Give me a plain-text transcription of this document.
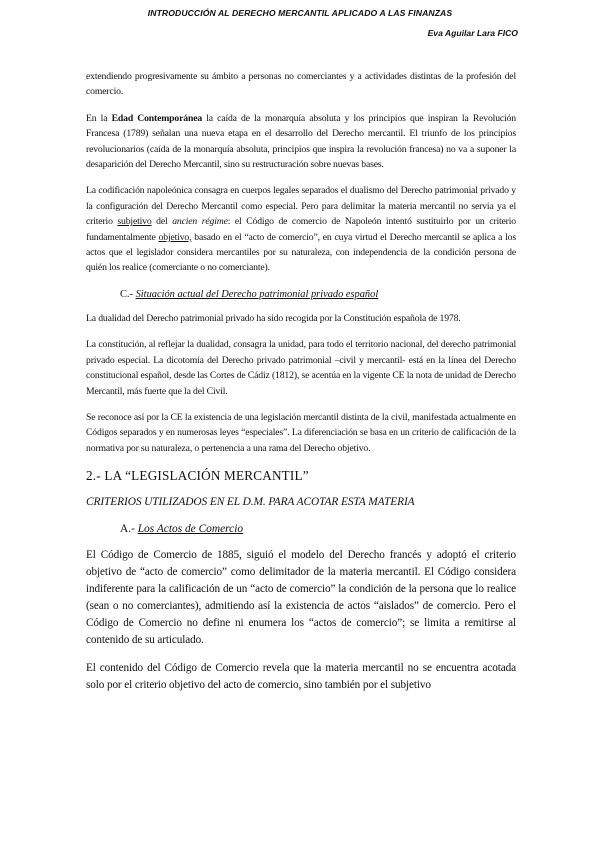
INTRODUCCIÓN AL DERECHO MERCANTIL APLICADO A LAS FINANZAS
Eva Aguilar Lara FICO

extendiendo progresivamente su ámbito a personas no comerciantes y a actividades distintas de la profesión del comercio.

En la Edad Contemporánea la caída de la monarquía absoluta y los principios que inspiran la Revolución Francesa (1789) señalan una nueva etapa en el desarrollo del Derecho mercantil. El triunfo de los principios revolucionarios (caída de la monarquía absoluta, principios que inspira la revolución francesa) no va a suponer la desaparición del Derecho Mercantil, sino su restructuración sobre nuevas bases.

La codificación napoleónica consagra en cuerpos legales separados el dualismo del Derecho patrimonial privado y la configuración del Derecho Mercantil como especial. Pero para delimitar la materia mercantil no servía ya el criterio subjetivo del ancien régime: el Código de comercio de Napoleón intentó sustituirlo por un criterio fundamentalmente objetivo, basado en el “acto de comercio”, en cuya virtud el Derecho mercantil se aplica a los actos que el legislador considera mercantiles por su naturaleza, con independencia de la condición persona de quién los realice (comerciante o no comerciante).

C.- Situación actual del Derecho patrimonial privado español

La dualidad del Derecho patrimonial privado ha sido recogida por la Constitución española de 1978.

La constitución, al reflejar la dualidad, consagra la unidad, para todo el territorio nacional, del derecho patrimonial privado especial. La dicotomía del Derecho privado patrimonial –civil y mercantil- está en la línea del Derecho constitucional español, desde las Cortes de Cádiz (1812), se acentúa en la vigente CE la nota de unidad de Derecho Mercantil, más fuerte que la del Civil.

Se reconoce así por la CE la existencia de una legislación mercantil distinta de la civil, manifestada actualmente en Códigos separados y en numerosas leyes “especiales”. La diferenciación se basa en un criterio de calificación de la normativa por su naturaleza, o pertenencia a una rama del Derecho objetivo.

2.- LA “LEGISLACIÓN MERCANTIL”
CRITERIOS UTILIZADOS EN EL D.M. PARA ACOTAR ESTA MATERIA
A.- Los Actos de Comercio

El Código de Comercio de 1885, siguió el modelo del Derecho francés y adoptó el criterio objetivo de “acto de comercio” como delimitador de la materia mercantil. El Código considera indiferente para la calificación de un “acto de comercio” la condición de la persona que lo realice (sean o no comerciantes), admitiendo así la existencia de actos “aislados” de comercio. Pero el Código de Comercio no define ni enumera los “actos de comercio”; se limita a remitirse al contenido de su articulado.

El contenido del Código de Comercio revela que la materia mercantil no se encuentra acotada solo por el criterio objetivo del acto de comercio, sino también por el subjetivo
